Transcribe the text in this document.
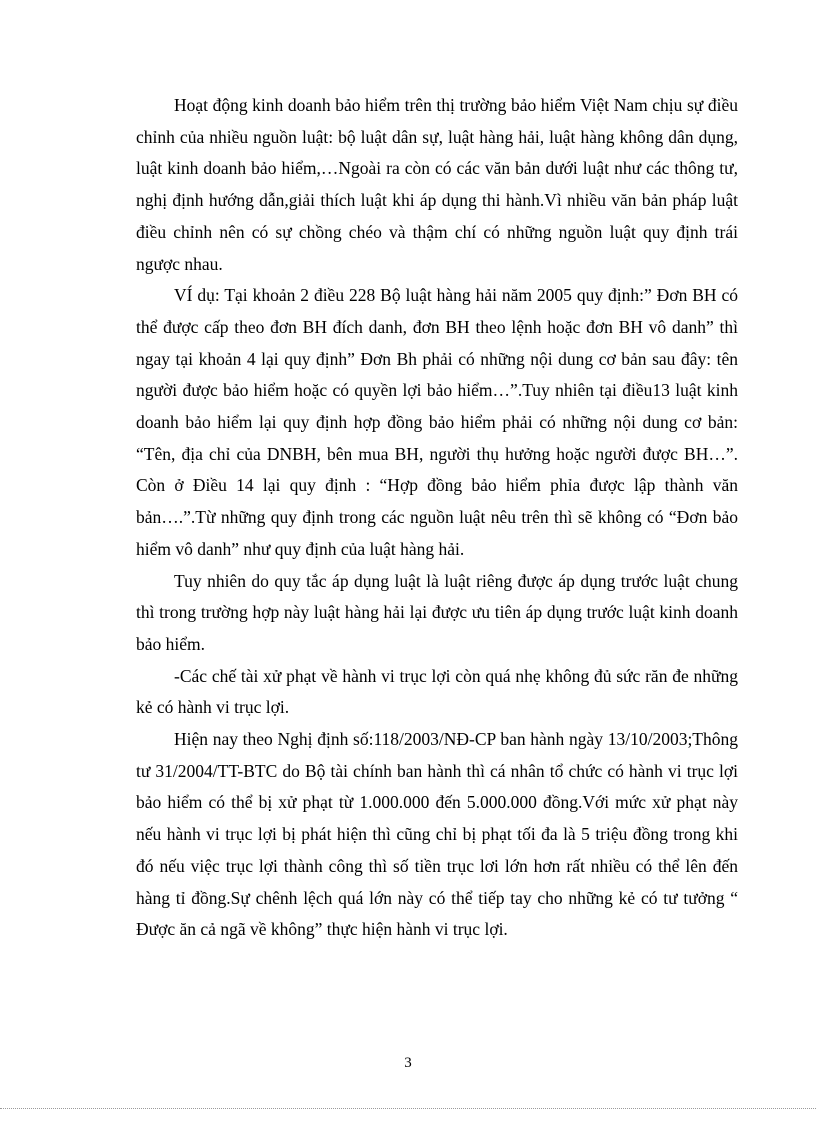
Hoạt động kinh doanh bảo hiểm trên thị trường bảo hiểm Việt Nam chịu sự điều chỉnh của nhiều nguồn luật: bộ luật dân sự, luật hàng hải, luật hàng không dân dụng, luật kinh doanh bảo hiểm,…Ngoài ra còn có các văn bản dưới luật như các thông tư, nghị định hướng dẫn,giải thích luật khi áp dụng thi hành.Vì nhiều văn bản pháp luật điều chỉnh nên có sự chồng chéo và thậm chí có những nguồn luật quy định trái ngược nhau.

VÍ dụ: Tại khoản 2 điều 228 Bộ luật hàng hải năm 2005 quy định:” Đơn BH có thể được cấp theo đơn BH đích danh, đơn BH theo lệnh hoặc đơn BH vô danh” thì ngay tại khoản 4 lại quy định” Đơn Bh phải có những nội dung cơ bản sau đây: tên người được bảo hiểm hoặc có quyền lợi bảo hiểm…”.Tuy nhiên tại điều13 luật kinh doanh bảo hiểm lại quy định hợp đồng bảo hiểm phải có những nội dung cơ bản: “Tên, địa chỉ của DNBH, bên mua BH, người thụ hưởng hoặc người được BH…”. Còn ở Điều 14 lại quy định : “Hợp đồng bảo hiểm phỉa được lập thành văn bản….”.Từ những quy định trong các nguồn luật nêu trên thì sẽ không có “Đơn bảo hiểm vô danh” như quy định của luật hàng hải.

Tuy nhiên do quy tắc áp dụng luật là luật riêng được áp dụng trước luật chung thì trong trường hợp này luật hàng hải lại được ưu tiên áp dụng trước luật kinh doanh bảo hiểm.

-Các chế tài xử phạt về hành vi trục lợi còn quá nhẹ không đủ sức răn đe những kẻ có hành vi trục lợi.

Hiện nay theo Nghị định số:118/2003/NĐ-CP ban hành ngày 13/10/2003;Thông tư 31/2004/TT-BTC do Bộ tài chính ban hành thì cá nhân tổ chức có hành vi trục lợi bảo hiểm có thể bị xử phạt từ 1.000.000 đến 5.000.000 đồng.Với mức xử phạt này nếu hành vi trục lợi bị phát hiện thì cũng chỉ bị phạt tối đa là 5 triệu đồng trong khi đó nếu việc trục lợi thành công thì số tiền trục lơi lớn hơn rất nhiều có thể lên đến hàng tỉ đồng.Sự chênh lệch quá lớn này có thể tiếp tay cho những kẻ có tư tưởng “ Được ăn cả ngã về không” thực hiện hành vi trục lợi.

3
